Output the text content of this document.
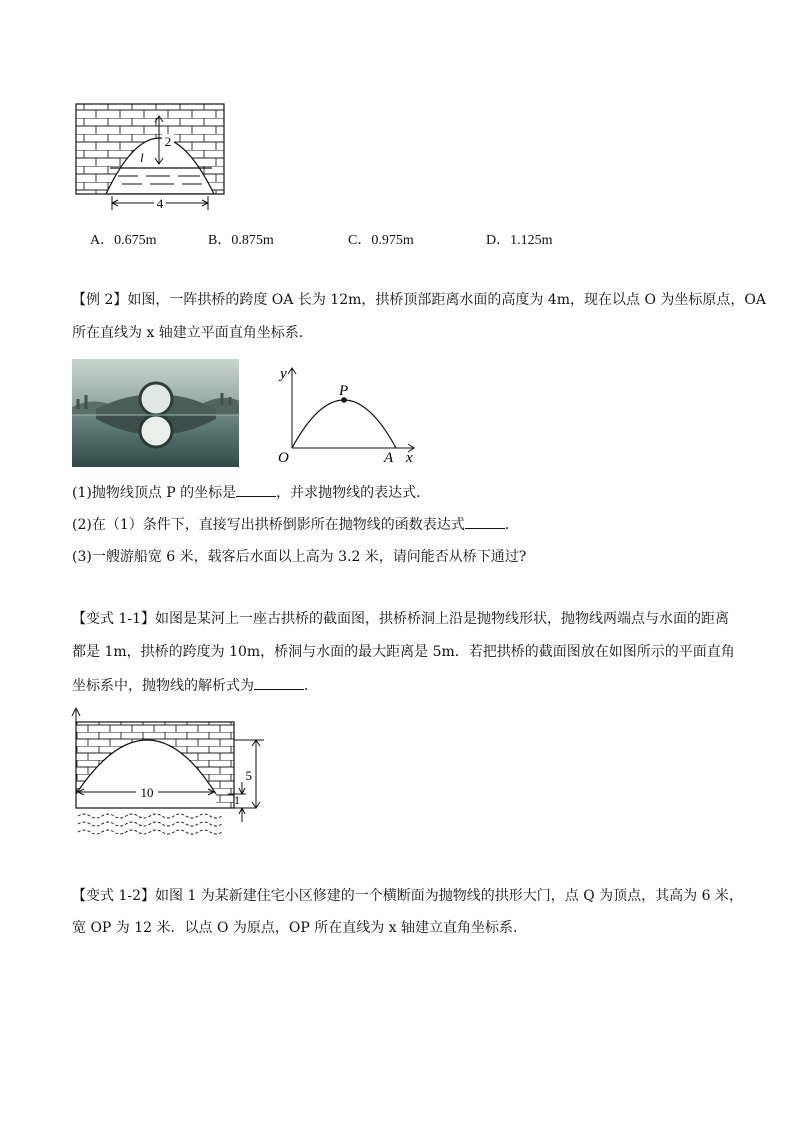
2
l
4
A．0.675m	B．0.875m	C．0.975m	D．1.125m
【例 2】如图，一阵拱桥的跨度 OA 长为 12m，拱桥顶部距离水面的高度为 4m，现在以点 O 为坐标原点，OA
所在直线为 x 轴建立平面直角坐标系．
y
x
O	A
P
(1)抛物线顶点 P 的坐标是	，并求抛物线的表达式．
(2)在（1）条件下，直接写出拱桥倒影所在抛物线的函数表达式	．
(3)一艘游船宽 6 米，载客后水面以上高为 3.2 米，请问能否从桥下通过?
【变式 1-1】如图是某河上一座古拱桥的截面图，拱桥桥洞上沿是抛物线形状，抛物线两端点与水面的距离
都是 1m，拱桥的跨度为 10m，桥洞与水面的最大距离是 5m．若把拱桥的截面图放在如图所示的平面直角
坐标系中，抛物线的解析式为	．
10
5
1
【变式 1-2】如图 1 为某新建住宅小区修建的一个横断面为抛物线的拱形大门，点 Q 为顶点，其高为 6 米，
宽 OP 为 12 米．以点 O 为原点，OP 所在直线为 x 轴建立直角坐标系．
